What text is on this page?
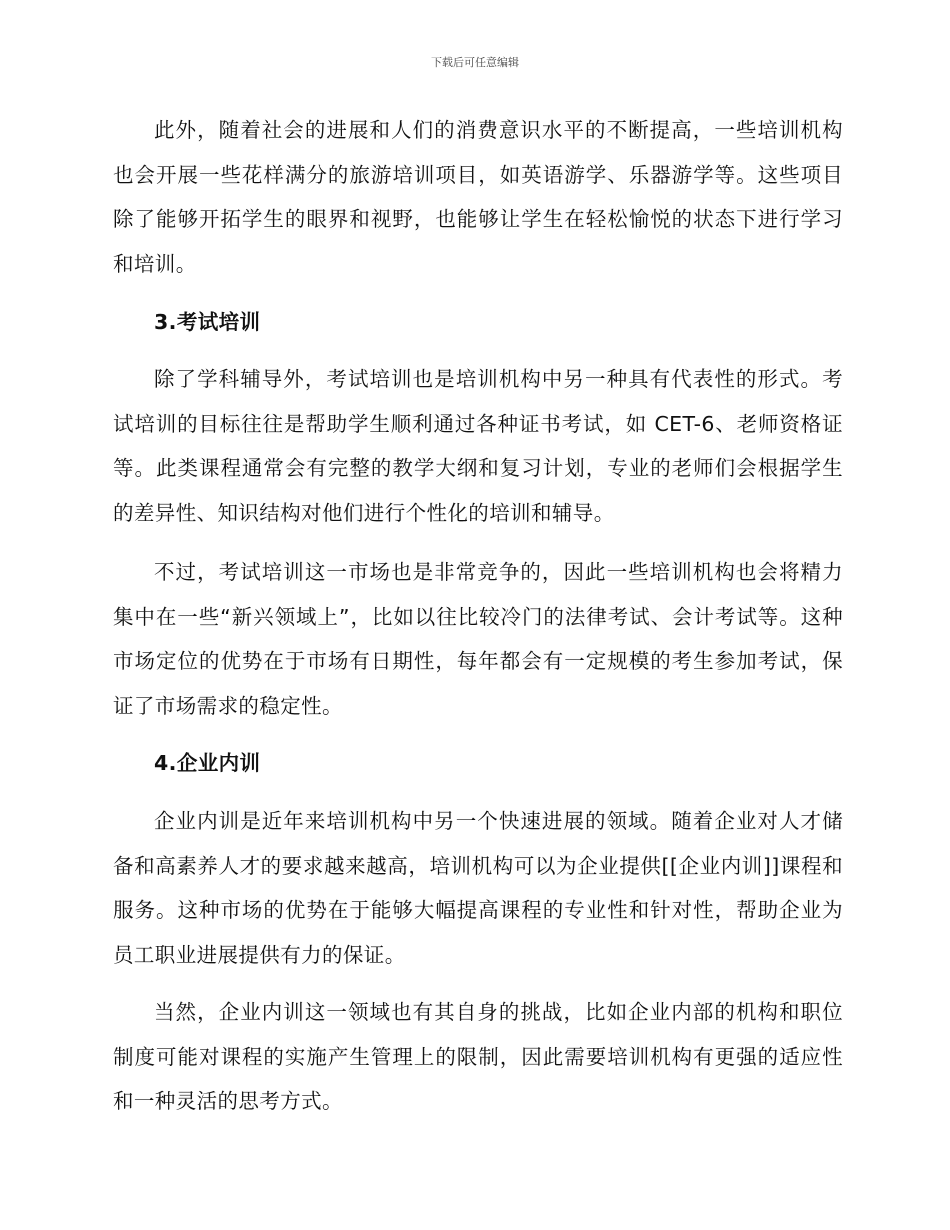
下载后可任意编辑

此外，随着社会的进展和人们的消费意识水平的不断提高，一些培训机构也会开展一些花样满分的旅游培训项目，如英语游学、乐器游学等。这些项目除了能够开拓学生的眼界和视野，也能够让学生在轻松愉悦的状态下进行学习和培训。

3.考试培训

除了学科辅导外，考试培训也是培训机构中另一种具有代表性的形式。考试培训的目标往往是帮助学生顺利通过各种证书考试，如 CET-6、老师资格证等。此类课程通常会有完整的教学大纲和复习计划，专业的老师们会根据学生的差异性、知识结构对他们进行个性化的培训和辅导。

不过，考试培训这一市场也是非常竞争的，因此一些培训机构也会将精力集中在一些“新兴领域上”，比如以往比较冷门的法律考试、会计考试等。这种市场定位的优势在于市场有日期性，每年都会有一定规模的考生参加考试，保证了市场需求的稳定性。

4.企业内训

企业内训是近年来培训机构中另一个快速进展的领域。随着企业对人才储备和高素养人才的要求越来越高，培训机构可以为企业提供[[企业内训]]课程和服务。这种市场的优势在于能够大幅提高课程的专业性和针对性，帮助企业为员工职业进展提供有力的保证。

当然，企业内训这一领域也有其自身的挑战，比如企业内部的机构和职位制度可能对课程的实施产生管理上的限制，因此需要培训机构有更强的适应性和一种灵活的思考方式。
